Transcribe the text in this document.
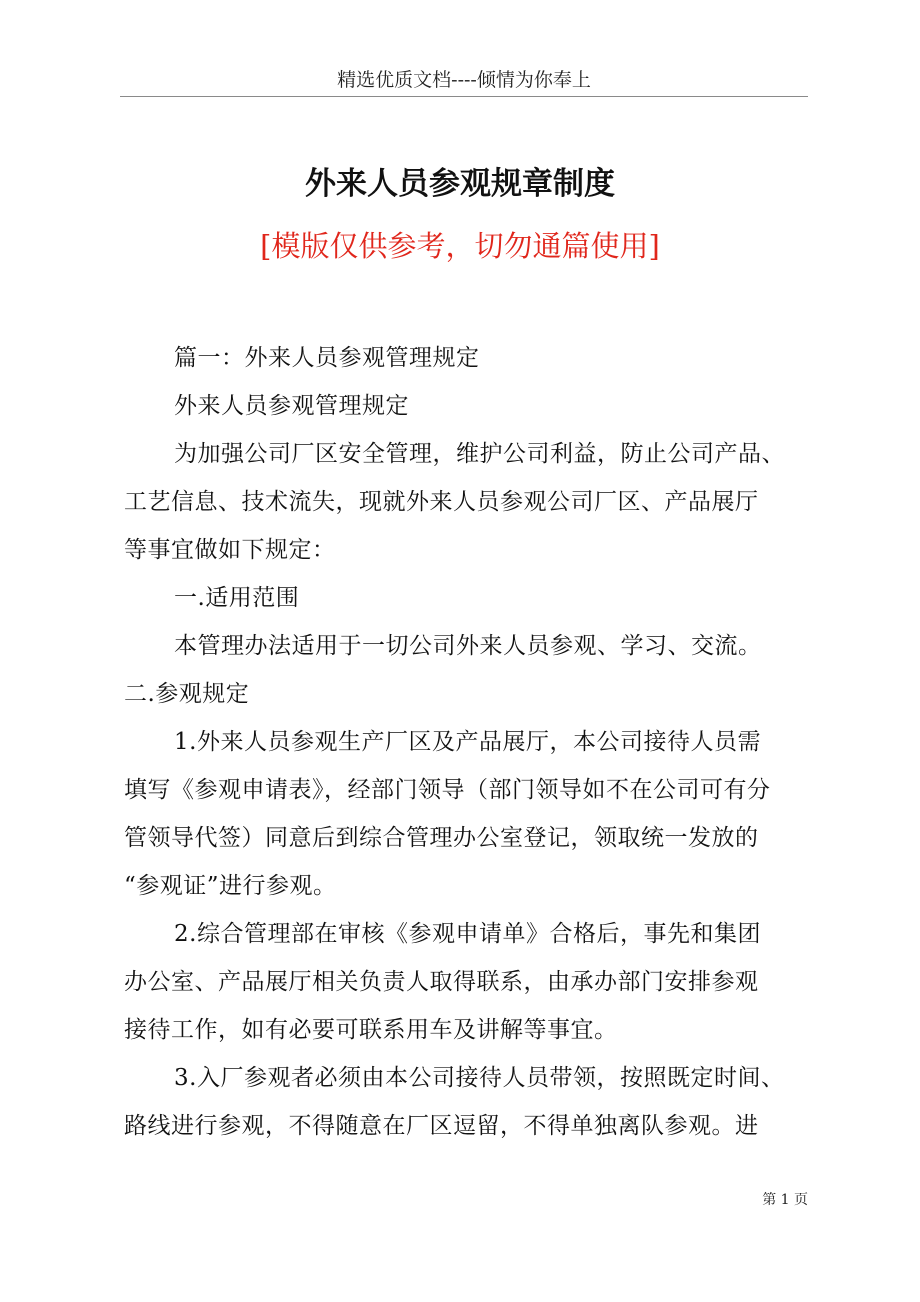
精选优质文档----倾情为你奉上
外来人员参观规章制度
[模版仅供参考，切勿通篇使用]
篇一：外来人员参观管理规定
外来人员参观管理规定
为加强公司厂区安全管理，维护公司利益，防止公司产品、
工艺信息、技术流失，现就外来人员参观公司厂区、产品展厅
等事宜做如下规定：
一.适用范围
本管理办法适用于一切公司外来人员参观、学习、交流。
二.参观规定
1.外来人员参观生产厂区及产品展厅，本公司接待人员需
填写《参观申请表》，经部门领导（部门领导如不在公司可有分
管领导代签）同意后到综合管理办公室登记，领取统一发放的
“参观证”进行参观。
2.综合管理部在审核《参观申请单》合格后，事先和集团
办公室、产品展厅相关负责人取得联系，由承办部门安排参观
接待工作，如有必要可联系用车及讲解等事宜。
3.入厂参观者必须由本公司接待人员带领，按照既定时间、
路线进行参观，不得随意在厂区逗留，不得单独离队参观。进
第 1 页
